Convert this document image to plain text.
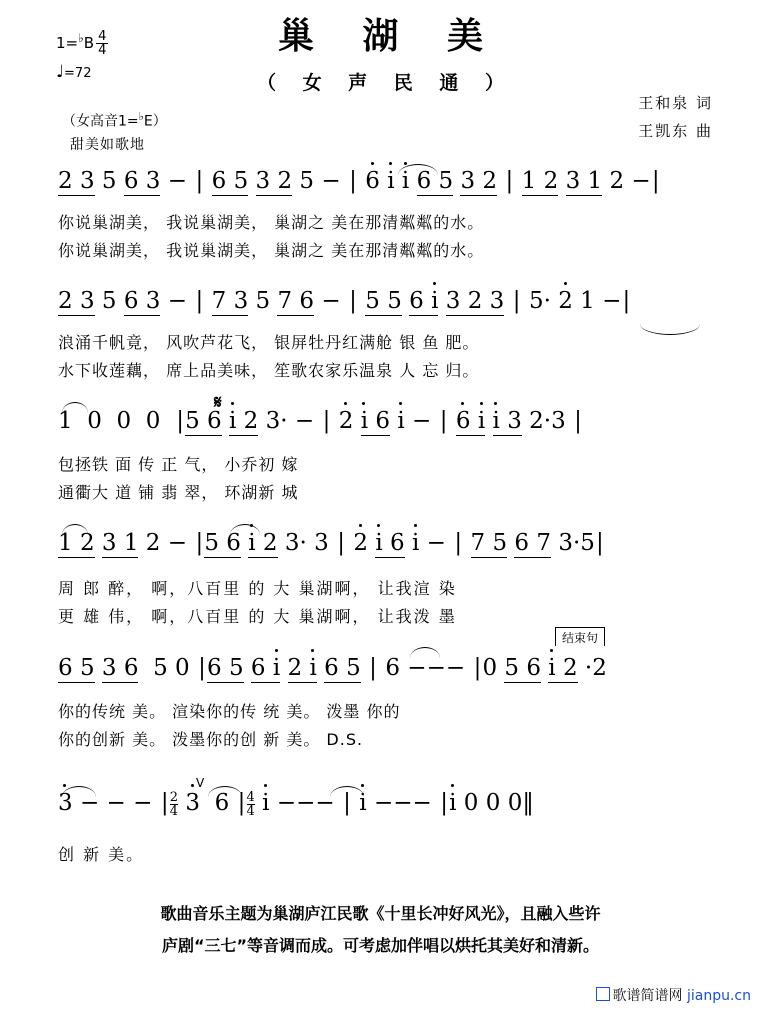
巢 湖 美
（ 女 声 民 通 ）
王和泉 词
王凯东 曲
$1=^♭B \frac{4}{4}$
♩=72
（女高音1=♭E）
甜美如歌地
2 3 5 6 3 − | 6 5 3 2 5 − | 6 i i 6 5 3 2 | 1 2 3 1 2 −|
你说巢湖美， 我说巢湖美， 巢湖之 美在那清粼粼的水。
你说巢湖美， 我说巢湖美， 巢湖之 美在那清粼粼的水。
2 3 5 6 3 − | 7 3 5 7 6 − | 5 5 6 i 3 2 3 | 5· 2 1 −|
浪涌千帆竟， 风吹芦花飞， 银屏牡丹红满舱 银 鱼 肥。
水下收莲藕， 席上品美味， 笙歌农家乐温泉 人 忘 归。
𝄋
1 0 0 0 |5 6 i 2 3· − | 2 i 6 i − | 6 i i 3 2·3 |
包拯铁 面 传 正 气， 小乔初 嫁
通衢大 道 铺 翡 翠， 环湖新 城
1 2 3 1 2 − |5 6 i 2 3· 3 | 2 i 6 i − | 7 5 6 7 3·5|
周 郎 醉， 啊，八百里 的 大 巢湖啊， 让我渲 染
更 雄 伟， 啊，八百里 的 大 巢湖啊， 让我泼 墨
结束句
6 5 3 6 5 0 |6 5 6 i 2 i 6 5 | 6 −−− |0 5 6 i 2 ·2
你的传统 美。 渲染你的传 统 美。 泼墨 你的
你的创新 美。 泼墨你的创 新 美。 D.S.
3 − − − | $\frac{2}{4} 3$ 6 | $\frac{4}{4}$ i −−− | i −−− |i 0 0 0‖
V
创 新 美。
歌曲音乐主题为巢湖庐江民歌《十里长冲好风光》，且融入些许
庐剧“三七”等音调而成。可考虑加伴唱以烘托其美好和清新。
歌谱简谱网 jianpu.cn
